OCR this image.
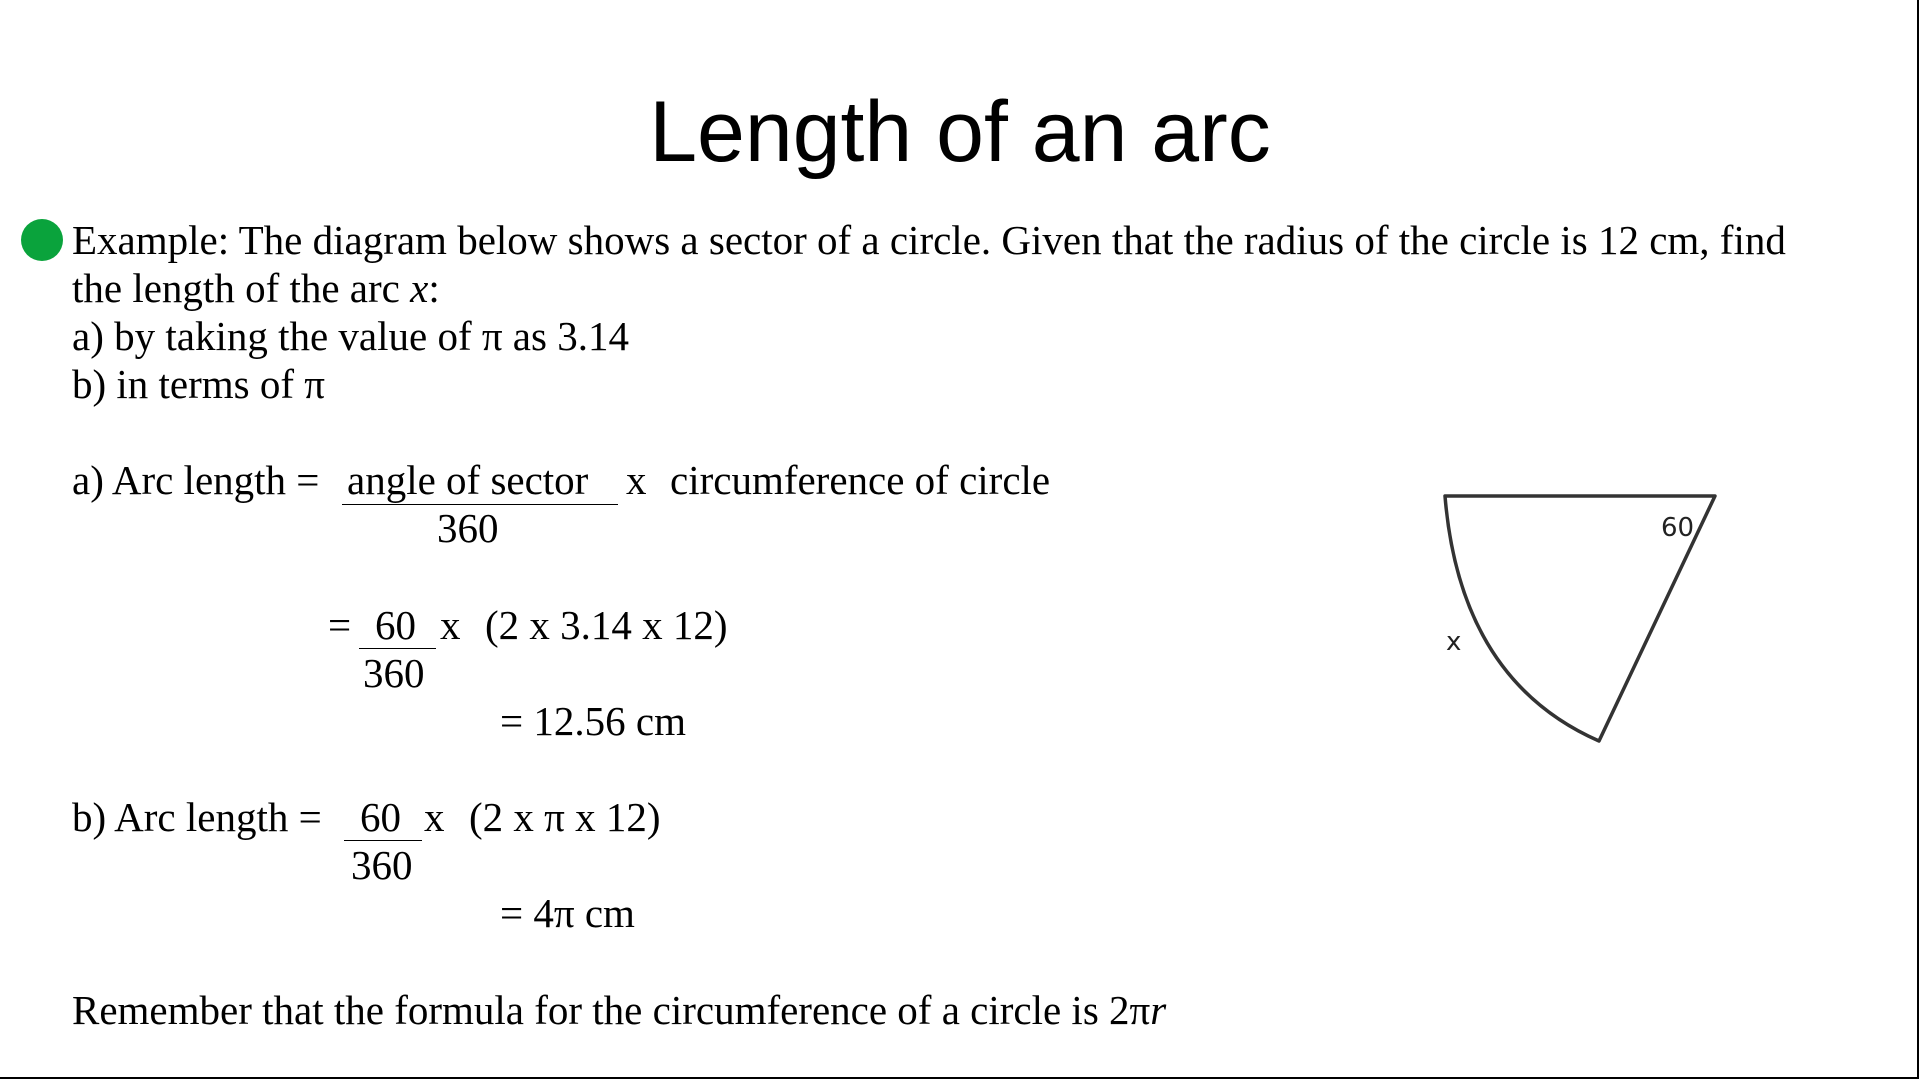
Length of an arc
Example: The diagram below shows a sector of a circle. Given that the radius of the circle is 12 cm, find
the length of the arc x:
a) by taking the value of π as 3.14
b) in terms of π
a) Arc length = angle of sector x circumference of circle
360
= 60 x (2 x 3.14 x 12)
360
= 12.56 cm
b) Arc length = 60 x (2 x π x 12)
360
= 4π cm
Remember that the formula for the circumference of a circle is 2πr
60
x
